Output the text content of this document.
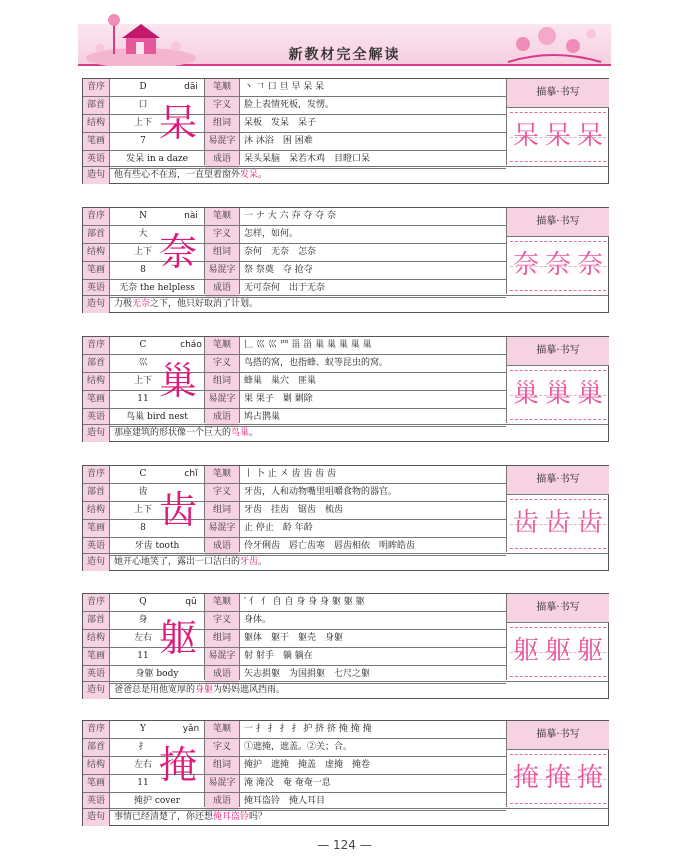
新教材完全解读
音序	D	dāi	笔顺	丶 𠃍 口 旦 早 呆 呆
部首	口	字义	脸上表情死板，发愣。
结构	上下	组词	呆板　发呆　呆子
笔画	7	易混字 沐 沐浴　困 困难
英语	发呆 in a daze	成语	呆头呆脑　呆若木鸡　目瞪口呆
造句	他有些心不在焉，一直望着窗外发呆。
呆
描摹·书写
呆 呆 呆
音序	N	nài	笔顺	一 ナ 大 六 㚏 夺 夺 奈
部首	大	字义	怎样，如何。
结构	上下	组词	奈何　无奈　怎奈
笔画	8	易混字 祭 祭奠　夺 抢夺
英语	无奈 the helpless	成语	无可奈何　出于无奈
造句	力极无奈之下，他只好取消了计划。
奈
描摹·书写
奈 奈 奈
音序	C	cháo	笔顺	𠃊 巛 巛 罒 甾 甾 巢 巢 巢 巢 巢
部首	巛	字义	鸟搭的窝，也指蜂、蚁等昆虫的窝。
结构	上下	组词	蜂巢　巢穴　匪巢
笔画	11	易混字 果 果子　剿 剿除
英语	鸟巢 bird nest	成语	鸠占鹊巢
造句	那座建筑的形状像一个巨大的鸟巢。
巢
描摹·书写
巢 巢 巢
音序	C	chǐ	笔顺	丨 卜 止 㐅 齿 齿 齿 齿
部首	齿	字义	牙齿，人和动物嘴里咀嚼食物的器官。
结构	上下	组词	牙齿　挂齿　锯齿　梳齿
笔画	8	易混字 止 停止　龄 年龄
英语	牙齿 tooth	成语	伶牙俐齿　唇亡齿寒　唇齿相依　明眸皓齿
造句	她开心地笑了，露出一口洁白的牙齿。
齿
描摹·书写
齿 齿 齿
音序	Q	qū	笔顺	′ 亻 亻 自 自 身 身 身 躯 躯 躯
部首	身	字义	身体。
结构	左右	组词	躯体　躯干　躯壳　身躯
笔画	11	易混字 射 射手　躺 躺在
英语	身躯 body	成语	矢志捐躯　为国捐躯　七尺之躯
造句	爸爸总是用他宽厚的身躯为妈妈遮风挡雨。
躯
描摹·书写
躯 躯 躯
音序	Y	yǎn	笔顺	一 扌 扌 扌 扌 护 挤 挤 掩 掩 掩
部首	扌	字义	①遮掩，遮盖。②关；合。
结构	左右	组词	掩护　遮掩　掩盖　虚掩　掩卷
笔画	11	易混字 淹 淹没　奄 奄奄一息
英语	掩护 cover	成语	掩耳盗铃　掩人耳目
造句	事情已经清楚了，你还想掩耳盗铃吗？
掩
描摹·书写
掩 掩 掩
— 124 —
